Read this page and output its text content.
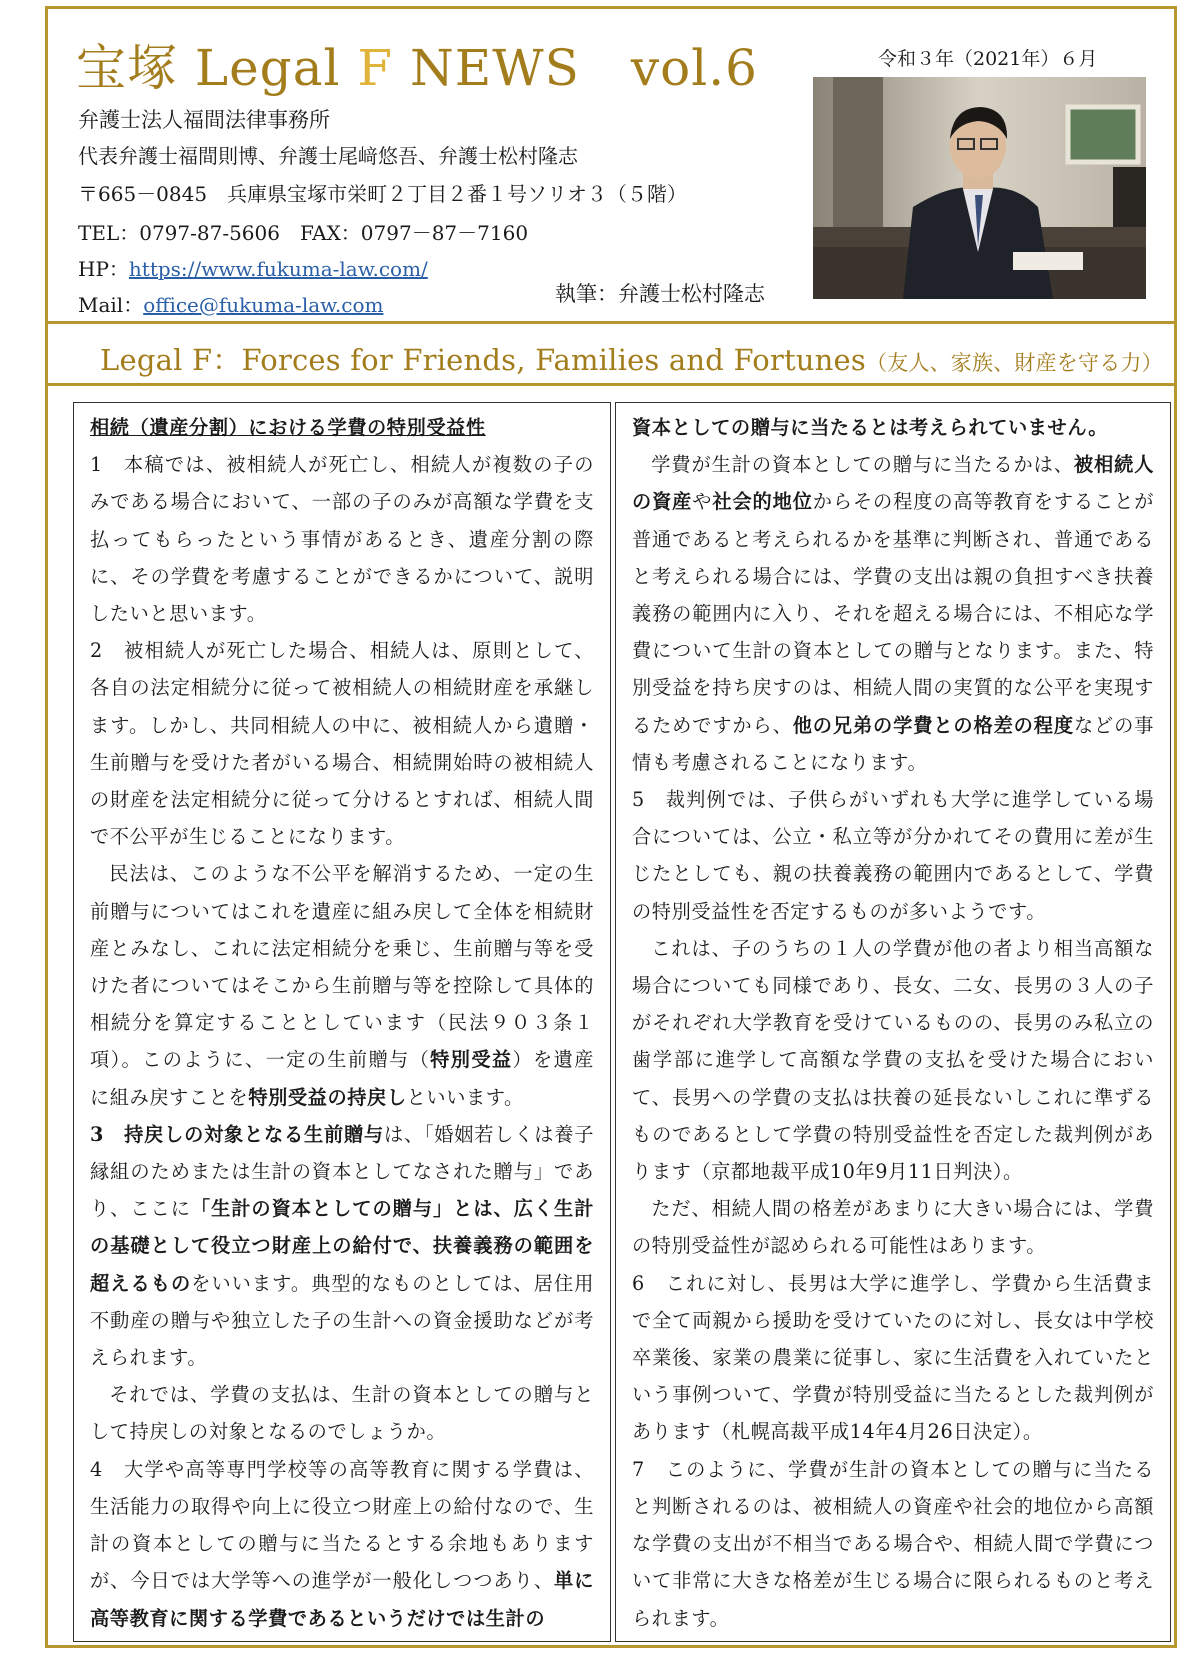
宝塚 Legal F NEWS　vol.6	令和３年（2021年）６月
弁護士法人福間法律事務所
代表弁護士福間則博、弁護士尾﨑悠吾、弁護士松村隆志
〒665－0845　兵庫県宝塚市栄町２丁目２番１号ソリオ３（５階）
TEL：0797-87-5606　FAX：0797－87－7160
HP：https://www.fukuma-law.com/
Mail：office@fukuma-law.com	執筆：弁護士松村隆志
Legal F：Forces for Friends, Families and Fortunes（友人、家族、財産を守る力）

相続（遺産分割）における学費の特別受益性

1　本稿では、被相続人が死亡し、相続人が複数の子のみである場合において、一部の子のみが高額な学費を支払ってもらったという事情があるとき、遺産分割の際に、その学費を考慮することができるかについて、説明したいと思います。

2　被相続人が死亡した場合、相続人は、原則として、各自の法定相続分に従って被相続人の相続財産を承継します。しかし、共同相続人の中に、被相続人から遺贈・生前贈与を受けた者がいる場合、相続開始時の被相続人の財産を法定相続分に従って分けるとすれば、相続人間で不公平が生じることになります。

民法は、このような不公平を解消するため、一定の生前贈与についてはこれを遺産に組み戻して全体を相続財産とみなし、これに法定相続分を乗じ、生前贈与等を受けた者についてはそこから生前贈与等を控除して具体的相続分を算定することとしています（民法９０３条１項）。このように、一定の生前贈与（特別受益）を遺産に組み戻すことを特別受益の持戻しといいます。

3　持戻しの対象となる生前贈与は、「婚姻若しくは養子縁組のためまたは生計の資本としてなされた贈与」であり、ここに「生計の資本としての贈与」とは、広く生計の基礎として役立つ財産上の給付で、扶養義務の範囲を超えるものをいいます。典型的なものとしては、居住用不動産の贈与や独立した子の生計への資金援助などが考えられます。

それでは、学費の支払は、生計の資本としての贈与として持戻しの対象となるのでしょうか。

4　大学や高等専門学校等の高等教育に関する学費は、生活能力の取得や向上に役立つ財産上の給付なので、生計の資本としての贈与に当たるとする余地もありますが、今日では大学等への進学が一般化しつつあり、単に高等教育に関する学費であるというだけでは生計の

資本としての贈与に当たるとは考えられていません。

学費が生計の資本としての贈与に当たるかは、被相続人の資産や社会的地位からその程度の高等教育をすることが普通であると考えられるかを基準に判断され、普通であると考えられる場合には、学費の支出は親の負担すべき扶養義務の範囲内に入り、それを超える場合には、不相応な学費について生計の資本としての贈与となります。また、特別受益を持ち戻すのは、相続人間の実質的な公平を実現するためですから、他の兄弟の学費との格差の程度などの事情も考慮されることになります。

5　裁判例では、子供らがいずれも大学に進学している場合については、公立・私立等が分かれてその費用に差が生じたとしても、親の扶養義務の範囲内であるとして、学費の特別受益性を否定するものが多いようです。

これは、子のうちの１人の学費が他の者より相当高額な場合についても同様であり、長女、二女、長男の３人の子がそれぞれ大学教育を受けているものの、長男のみ私立の歯学部に進学して高額な学費の支払を受けた場合において、長男への学費の支払は扶養の延長ないしこれに準ずるものであるとして学費の特別受益性を否定した裁判例があります（京都地裁平成10年9月11日判決）。

ただ、相続人間の格差があまりに大きい場合には、学費の特別受益性が認められる可能性はあります。

6　これに対し、長男は大学に進学し、学費から生活費まで全て両親から援助を受けていたのに対し、長女は中学校卒業後、家業の農業に従事し、家に生活費を入れていたという事例ついて、学費が特別受益に当たるとした裁判例があります（札幌高裁平成14年4月26日決定）。

7　このように、学費が生計の資本としての贈与に当たると判断されるのは、被相続人の資産や社会的地位から高額な学費の支出が不相当である場合や、相続人間で学費について非常に大きな格差が生じる場合に限られるものと考えられます。
